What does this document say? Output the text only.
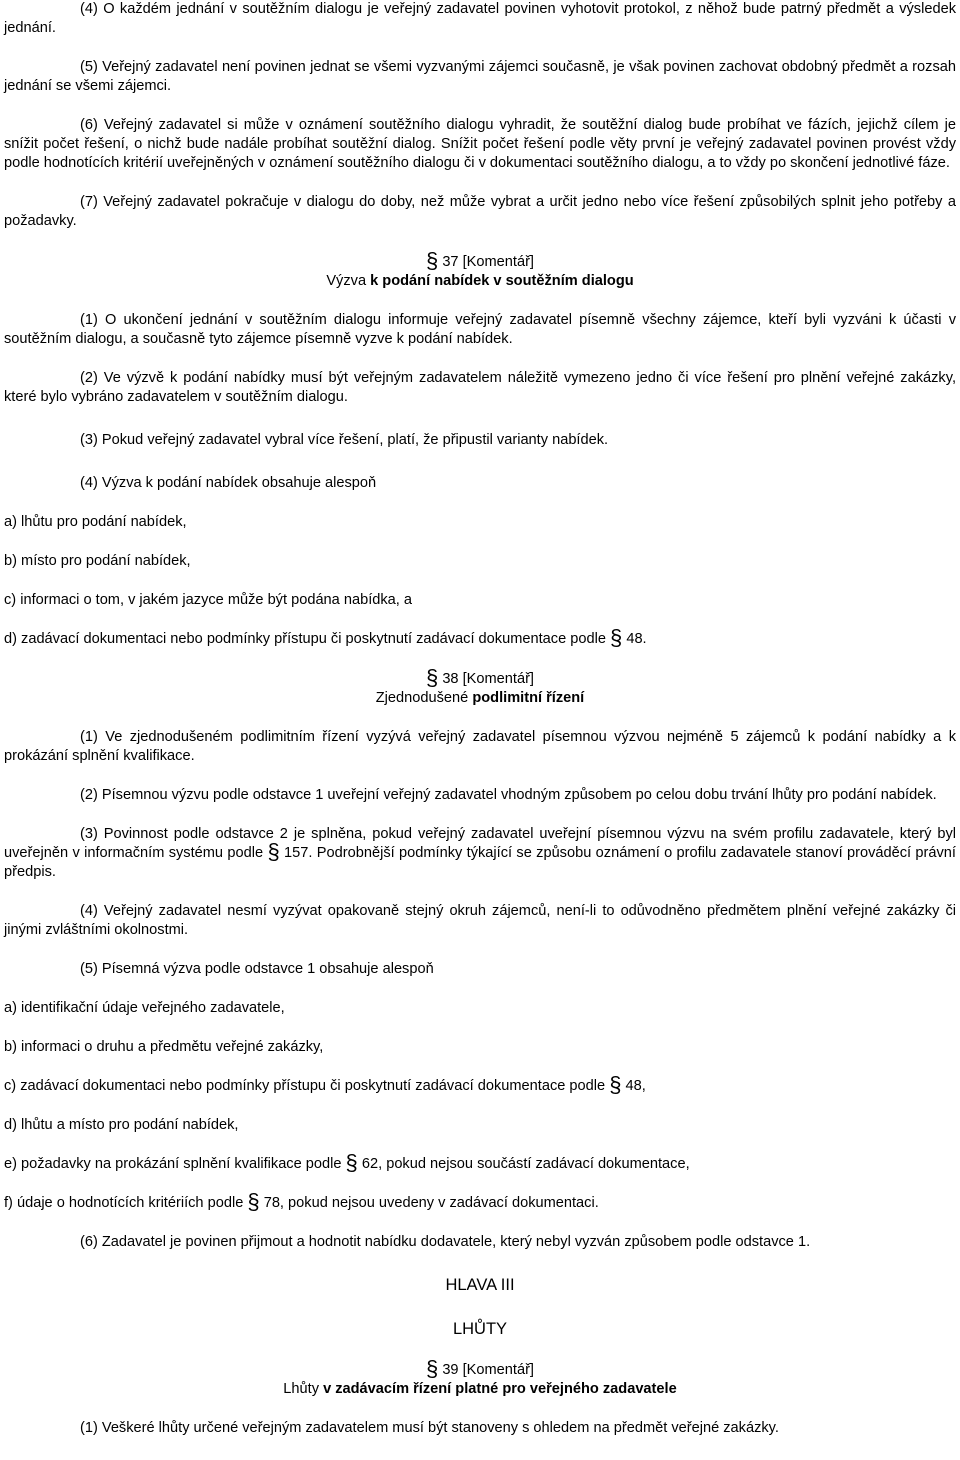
(4) O každém jednání v soutěžním dialogu je veřejný zadavatel povinen vyhotovit protokol, z něhož bude patrný předmět a výsledek jednání.

(5) Veřejný zadavatel není povinen jednat se všemi vyzvanými zájemci současně, je však povinen zachovat obdobný předmět a rozsah jednání se všemi zájemci.

(6) Veřejný zadavatel si může v oznámení soutěžního dialogu vyhradit, že soutěžní dialog bude probíhat ve fázích, jejichž cílem je snížit počet řešení, o nichž bude nadále probíhat soutěžní dialog. Snížit počet řešení podle věty první je veřejný zadavatel povinen provést vždy podle hodnotících kritérií uveřejněných v oznámení soutěžního dialogu či v dokumentaci soutěžního dialogu, a to vždy po skončení jednotlivé fáze.

(7) Veřejný zadavatel pokračuje v dialogu do doby, než může vybrat a určit jedno nebo více řešení způsobilých splnit jeho potřeby a požadavky.

§ 37 [Komentář]
Výzva k podání nabídek v soutěžním dialogu

(1) O ukončení jednání v soutěžním dialogu informuje veřejný zadavatel písemně všechny zájemce, kteří byli vyzváni k účasti v soutěžním dialogu, a současně tyto zájemce písemně vyzve k podání nabídek.

(2) Ve výzvě k podání nabídky musí být veřejným zadavatelem náležitě vymezeno jedno či více řešení pro plnění veřejné zakázky, které bylo vybráno zadavatelem v soutěžním dialogu.

(3) Pokud veřejný zadavatel vybral více řešení, platí, že připustil varianty nabídek.

(4) Výzva k podání nabídek obsahuje alespoň

a) lhůtu pro podání nabídek,

b) místo pro podání nabídek,

c) informaci o tom, v jakém jazyce může být podána nabídka, a

d) zadávací dokumentaci nebo podmínky přístupu či poskytnutí zadávací dokumentace podle § 48.

§ 38 [Komentář]
Zjednodušené podlimitní řízení

(1) Ve zjednodušeném podlimitním řízení vyzývá veřejný zadavatel písemnou výzvou nejméně 5 zájemců k podání nabídky a k prokázání splnění kvalifikace.

(2) Písemnou výzvu podle odstavce 1 uveřejní veřejný zadavatel vhodným způsobem po celou dobu trvání lhůty pro podání nabídek.

(3) Povinnost podle odstavce 2 je splněna, pokud veřejný zadavatel uveřejní písemnou výzvu na svém profilu zadavatele, který byl uveřejněn v informačním systému podle § 157. Podrobnější podmínky týkající se způsobu oznámení o profilu zadavatele stanoví prováděcí právní předpis.

(4) Veřejný zadavatel nesmí vyzývat opakovaně stejný okruh zájemců, není-li to odůvodněno předmětem plnění veřejné zakázky či jinými zvláštními okolnostmi.

(5) Písemná výzva podle odstavce 1 obsahuje alespoň

a) identifikační údaje veřejného zadavatele,

b) informaci o druhu a předmětu veřejné zakázky,

c) zadávací dokumentaci nebo podmínky přístupu či poskytnutí zadávací dokumentace podle § 48,

d) lhůtu a místo pro podání nabídek,

e) požadavky na prokázání splnění kvalifikace podle § 62, pokud nejsou součástí zadávací dokumentace,

f) údaje o hodnotících kritériích podle § 78, pokud nejsou uvedeny v zadávací dokumentaci.

(6) Zadavatel je povinen přijmout a hodnotit nabídku dodavatele, který nebyl vyzván způsobem podle odstavce 1.

HLAVA III
LHŮTY
§ 39 [Komentář]
Lhůty v zadávacím řízení platné pro veřejného zadavatele

(1) Veškeré lhůty určené veřejným zadavatelem musí být stanoveny s ohledem na předmět veřejné zakázky.
